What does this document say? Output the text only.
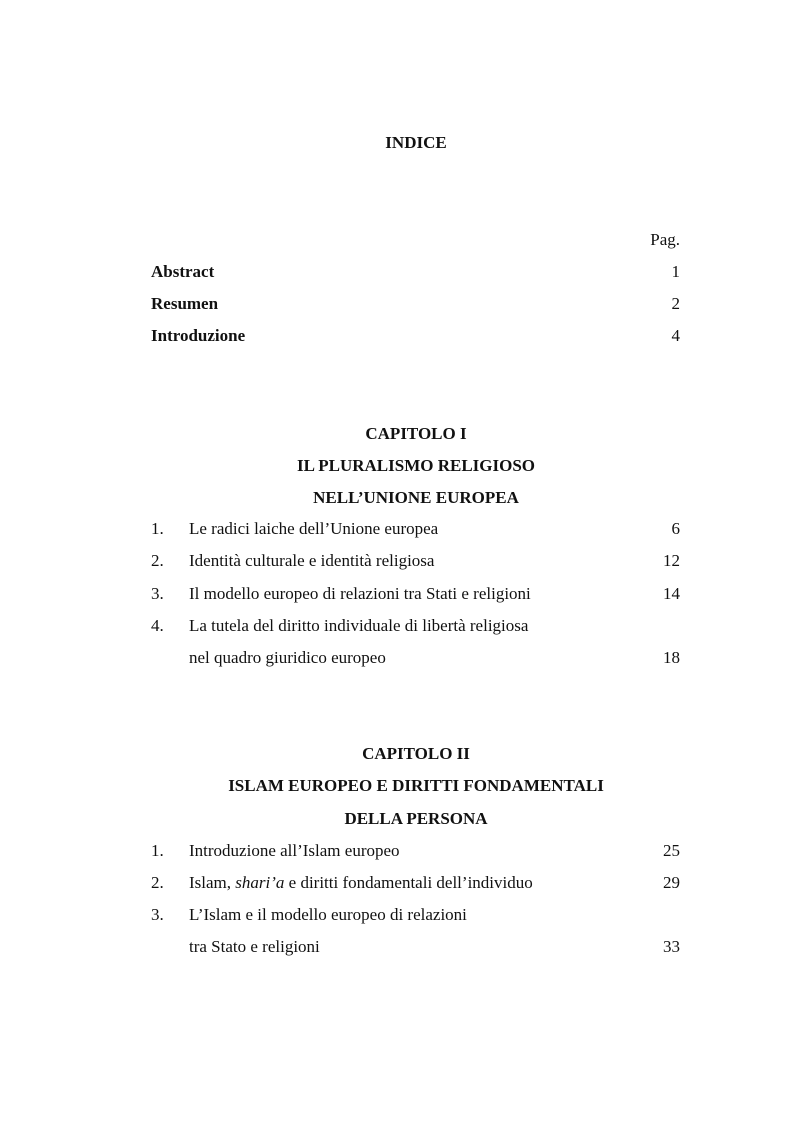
INDICE
Pag.
Abstract	1
Resumen	2
Introduzione	4
CAPITOLO I
IL PLURALISMO RELIGIOSO
NELL’UNIONE EUROPEA
1. Le radici laiche dell’Unione europea	6
2. Identità culturale e identità religiosa	12
3. Il modello europeo di relazioni tra Stati e religioni	14
4. La tutela del diritto individuale di libertà religiosa
nel quadro giuridico europeo	18
CAPITOLO II
ISLAM EUROPEO E DIRITTI FONDAMENTALI
DELLA PERSONA
1. Introduzione all’Islam europeo	25
2. Islam, shari’a e diritti fondamentali dell’individuo	29
3. L’Islam e il modello europeo di relazioni
tra Stato e religioni	33
